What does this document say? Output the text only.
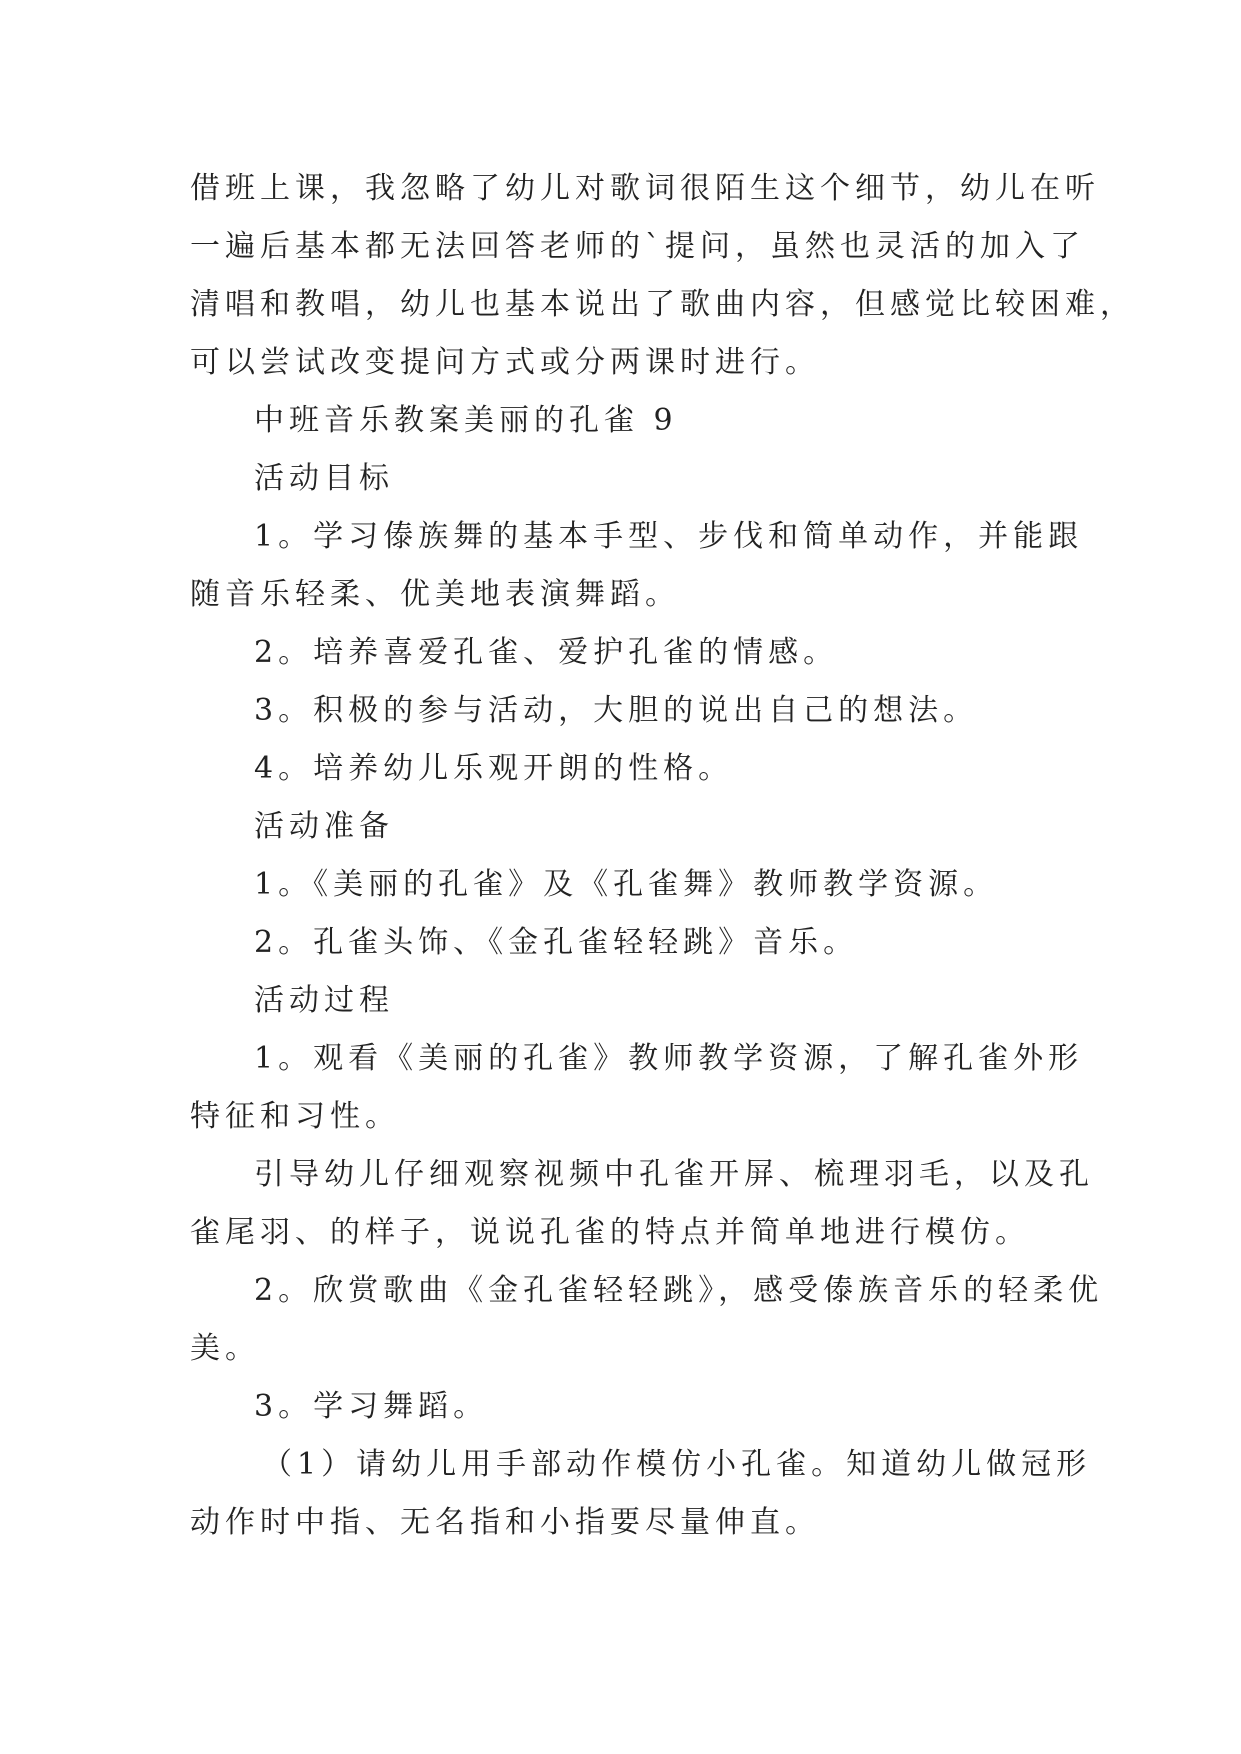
借班上课，我忽略了幼儿对歌词很陌生这个细节，幼儿在听
一遍后基本都无法回答老师的`提问，虽然也灵活的加入了
清唱和教唱，幼儿也基本说出了歌曲内容，但感觉比较困难，
可以尝试改变提问方式或分两课时进行。
中班音乐教案美丽的孔雀 9
活动目标
1。学习傣族舞的基本手型、步伐和简单动作，并能跟
随音乐轻柔、优美地表演舞蹈。
2。培养喜爱孔雀、爱护孔雀的情感。
3。积极的参与活动，大胆的说出自己的想法。
4。培养幼儿乐观开朗的性格。
活动准备
1。《美丽的孔雀》及《孔雀舞》教师教学资源。
2。孔雀头饰、《金孔雀轻轻跳》音乐。
活动过程
1。观看《美丽的孔雀》教师教学资源，了解孔雀外形
特征和习性。
引导幼儿仔细观察视频中孔雀开屏、梳理羽毛，以及孔
雀尾羽、的样子，说说孔雀的特点并简单地进行模仿。
2。欣赏歌曲《金孔雀轻轻跳》，感受傣族音乐的轻柔优
美。
3。学习舞蹈。
（1）请幼儿用手部动作模仿小孔雀。知道幼儿做冠形
动作时中指、无名指和小指要尽量伸直。
